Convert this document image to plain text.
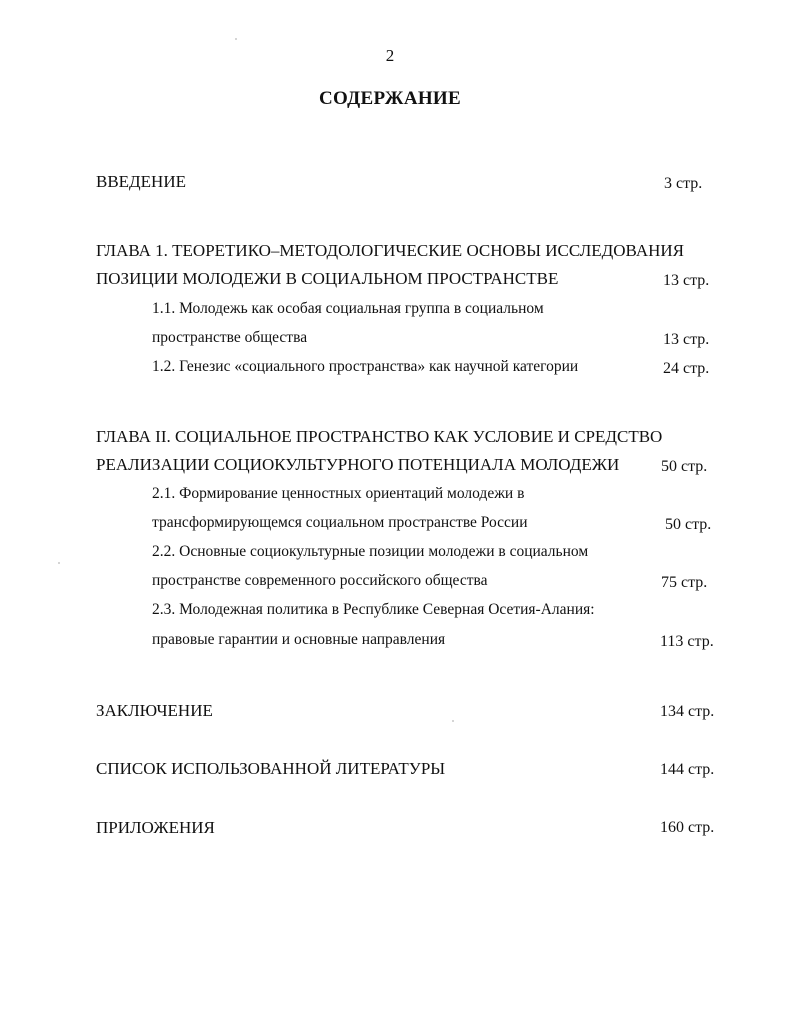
2
СОДЕРЖАНИЕ
ВВЕДЕНИЕ	3 стр.
ГЛАВА 1. ТЕОРЕТИКО–МЕТОДОЛОГИЧЕСКИЕ ОСНОВЫ ИССЛЕДОВАНИЯ
ПОЗИЦИИ МОЛОДЕЖИ В СОЦИАЛЬНОМ ПРОСТРАНСТВЕ	13 стр.
1.1. Молодежь как особая социальная группа в социальном
пространстве общества	13 стр.
1.2. Генезис «социального пространства» как научной категории	24 стр.
ГЛАВА II. СОЦИАЛЬНОЕ ПРОСТРАНСТВО КАК УСЛОВИЕ И СРЕДСТВО
РЕАЛИЗАЦИИ СОЦИОКУЛЬТУРНОГО ПОТЕНЦИАЛА МОЛОДЕЖИ	50 стр.
2.1. Формирование ценностных ориентаций молодежи в
трансформирующемся социальном пространстве России	50 стр.
2.2. Основные социокультурные позиции молодежи в социальном
пространстве современного российского общества	75 стр.
2.3. Молодежная политика в Республике Северная Осетия-Алания:
правовые гарантии и основные направления	113 стр.
ЗАКЛЮЧЕНИЕ	134 стр.
СПИСОК ИСПОЛЬЗОВАННОЙ ЛИТЕРАТУРЫ	144 стр.
ПРИЛОЖЕНИЯ	160 стр.
